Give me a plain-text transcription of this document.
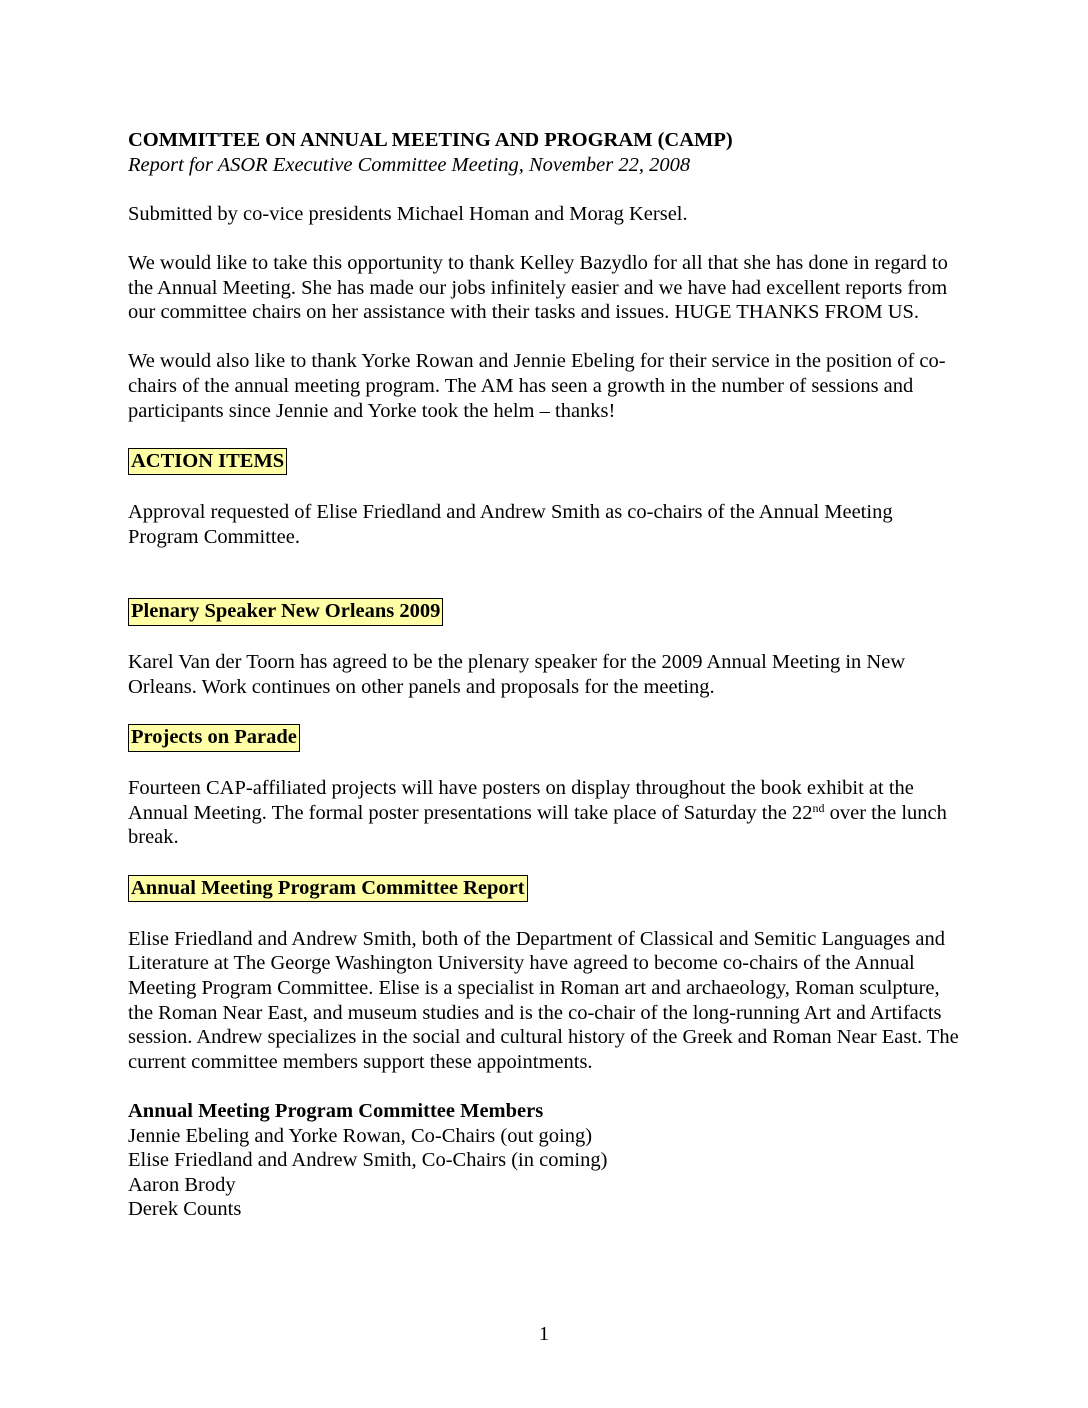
COMMITTEE ON ANNUAL MEETING AND PROGRAM (CAMP)

Report for ASOR Executive Committee Meeting, November 22, 2008

Submitted by co-vice presidents Michael Homan and Morag Kersel.

We would like to take this opportunity to thank Kelley Bazydlo for all that she has done in regard to the Annual Meeting. She has made our jobs infinitely easier and we have had excellent reports from our committee chairs on her assistance with their tasks and issues. HUGE THANKS FROM US.

We would also like to thank Yorke Rowan and Jennie Ebeling for their service in the position of co-chairs of the annual meeting program. The AM has seen a growth in the number of sessions and participants since Jennie and Yorke took the helm – thanks!

ACTION ITEMS

Approval requested of Elise Friedland and Andrew Smith as co-chairs of the Annual Meeting Program Committee.

Plenary Speaker New Orleans 2009

Karel Van der Toorn has agreed to be the plenary speaker for the 2009 Annual Meeting in New Orleans. Work continues on other panels and proposals for the meeting.

Projects on Parade

Fourteen CAP-affiliated projects will have posters on display throughout the book exhibit at the Annual Meeting. The formal poster presentations will take place of Saturday the 22nd over the lunch break.

Annual Meeting Program Committee Report

Elise Friedland and Andrew Smith, both of the Department of Classical and Semitic Languages and Literature at The George Washington University have agreed to become co-chairs of the Annual Meeting Program Committee. Elise is a specialist in Roman art and archaeology, Roman sculpture, the Roman Near East, and museum studies and is the co-chair of the long-running Art and Artifacts session. Andrew specializes in the social and cultural history of the Greek and Roman Near East. The current committee members support these appointments.

Annual Meeting Program Committee Members

Jennie Ebeling and Yorke Rowan, Co-Chairs (out going)

Elise Friedland and Andrew Smith, Co-Chairs (in coming)

Aaron Brody

Derek Counts

1
